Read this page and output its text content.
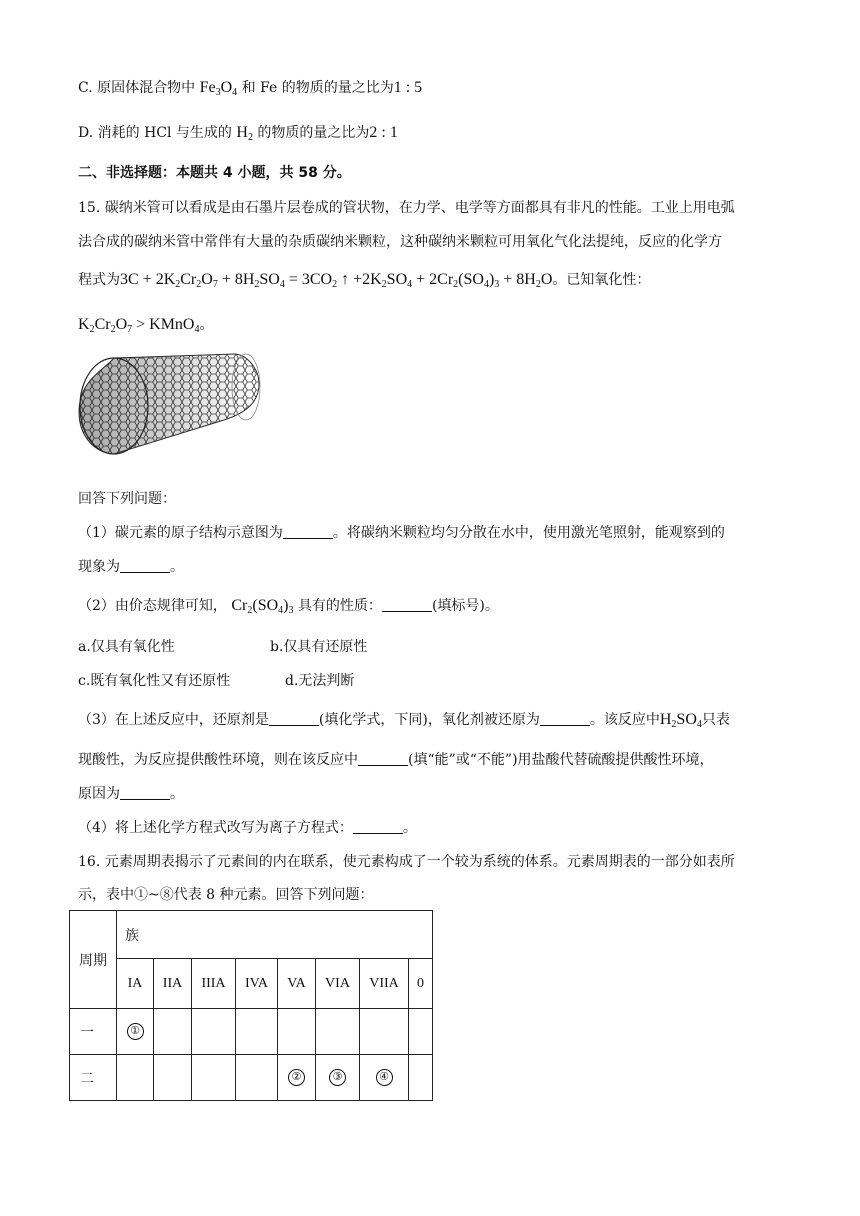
C. 原固体混合物中 $Fe_3O_4$ 和 Fe 的物质的量之比为1 : 5
D. 消耗的 HCl 与生成的 $H_2$ 的物质的量之比为2 : 1
二、非选择题：本题共 4 小题，共 58 分。
15. 碳纳米管可以看成是由石墨片层卷成的管状物，在力学、电学等方面都具有非凡的性能。工业上用电弧
法合成的碳纳米管中常伴有大量的杂质碳纳米颗粒，这种碳纳米颗粒可用氧化气化法提纯，反应的化学方
程式为$3C + 2K_2Cr_2O_7 + 8H_2SO_4 = 3CO_2$ ↑ $+2K_2SO_4 + 2Cr_2(SO_4)_3 + 8H_2O$。已知氧化性：
$K_2Cr_2O_7$ > KMnO$_4$。
回答下列问题：
（1）碳元素的原子结构示意图为	。将碳纳米颗粒均匀分散在水中，使用激光笔照射，能观察到的
现象为	。
（2）由价态规律可知， $Cr_2(SO_4)_3$ 具有的性质：	(填标号)。
a.仅具有氧化性	b.仅具有还原性
c.既有氧化性又有还原性	d.无法判断
（3）在上述反应中，还原剂是	(填化学式，下同)，氧化剂被还原为	。该反应中$H_2SO_4$只表
现酸性，为反应提供酸性环境，则在该反应中	(填“能”或“不能”)用盐酸代替硫酸提供酸性环境，
原因为	。
（4）将上述化学方程式改写为离子方程式：	。
16. 元素周期表揭示了元素间的内在联系，使元素构成了一个较为系统的体系。元素周期表的一部分如表所
示，表中①~⑧代表 8 种元素。回答下列问题：
周期	族							
	IA	IIA	IIIA	IVA	VA	VIA	VIIA	0
一	①							
二					②	③	④	
